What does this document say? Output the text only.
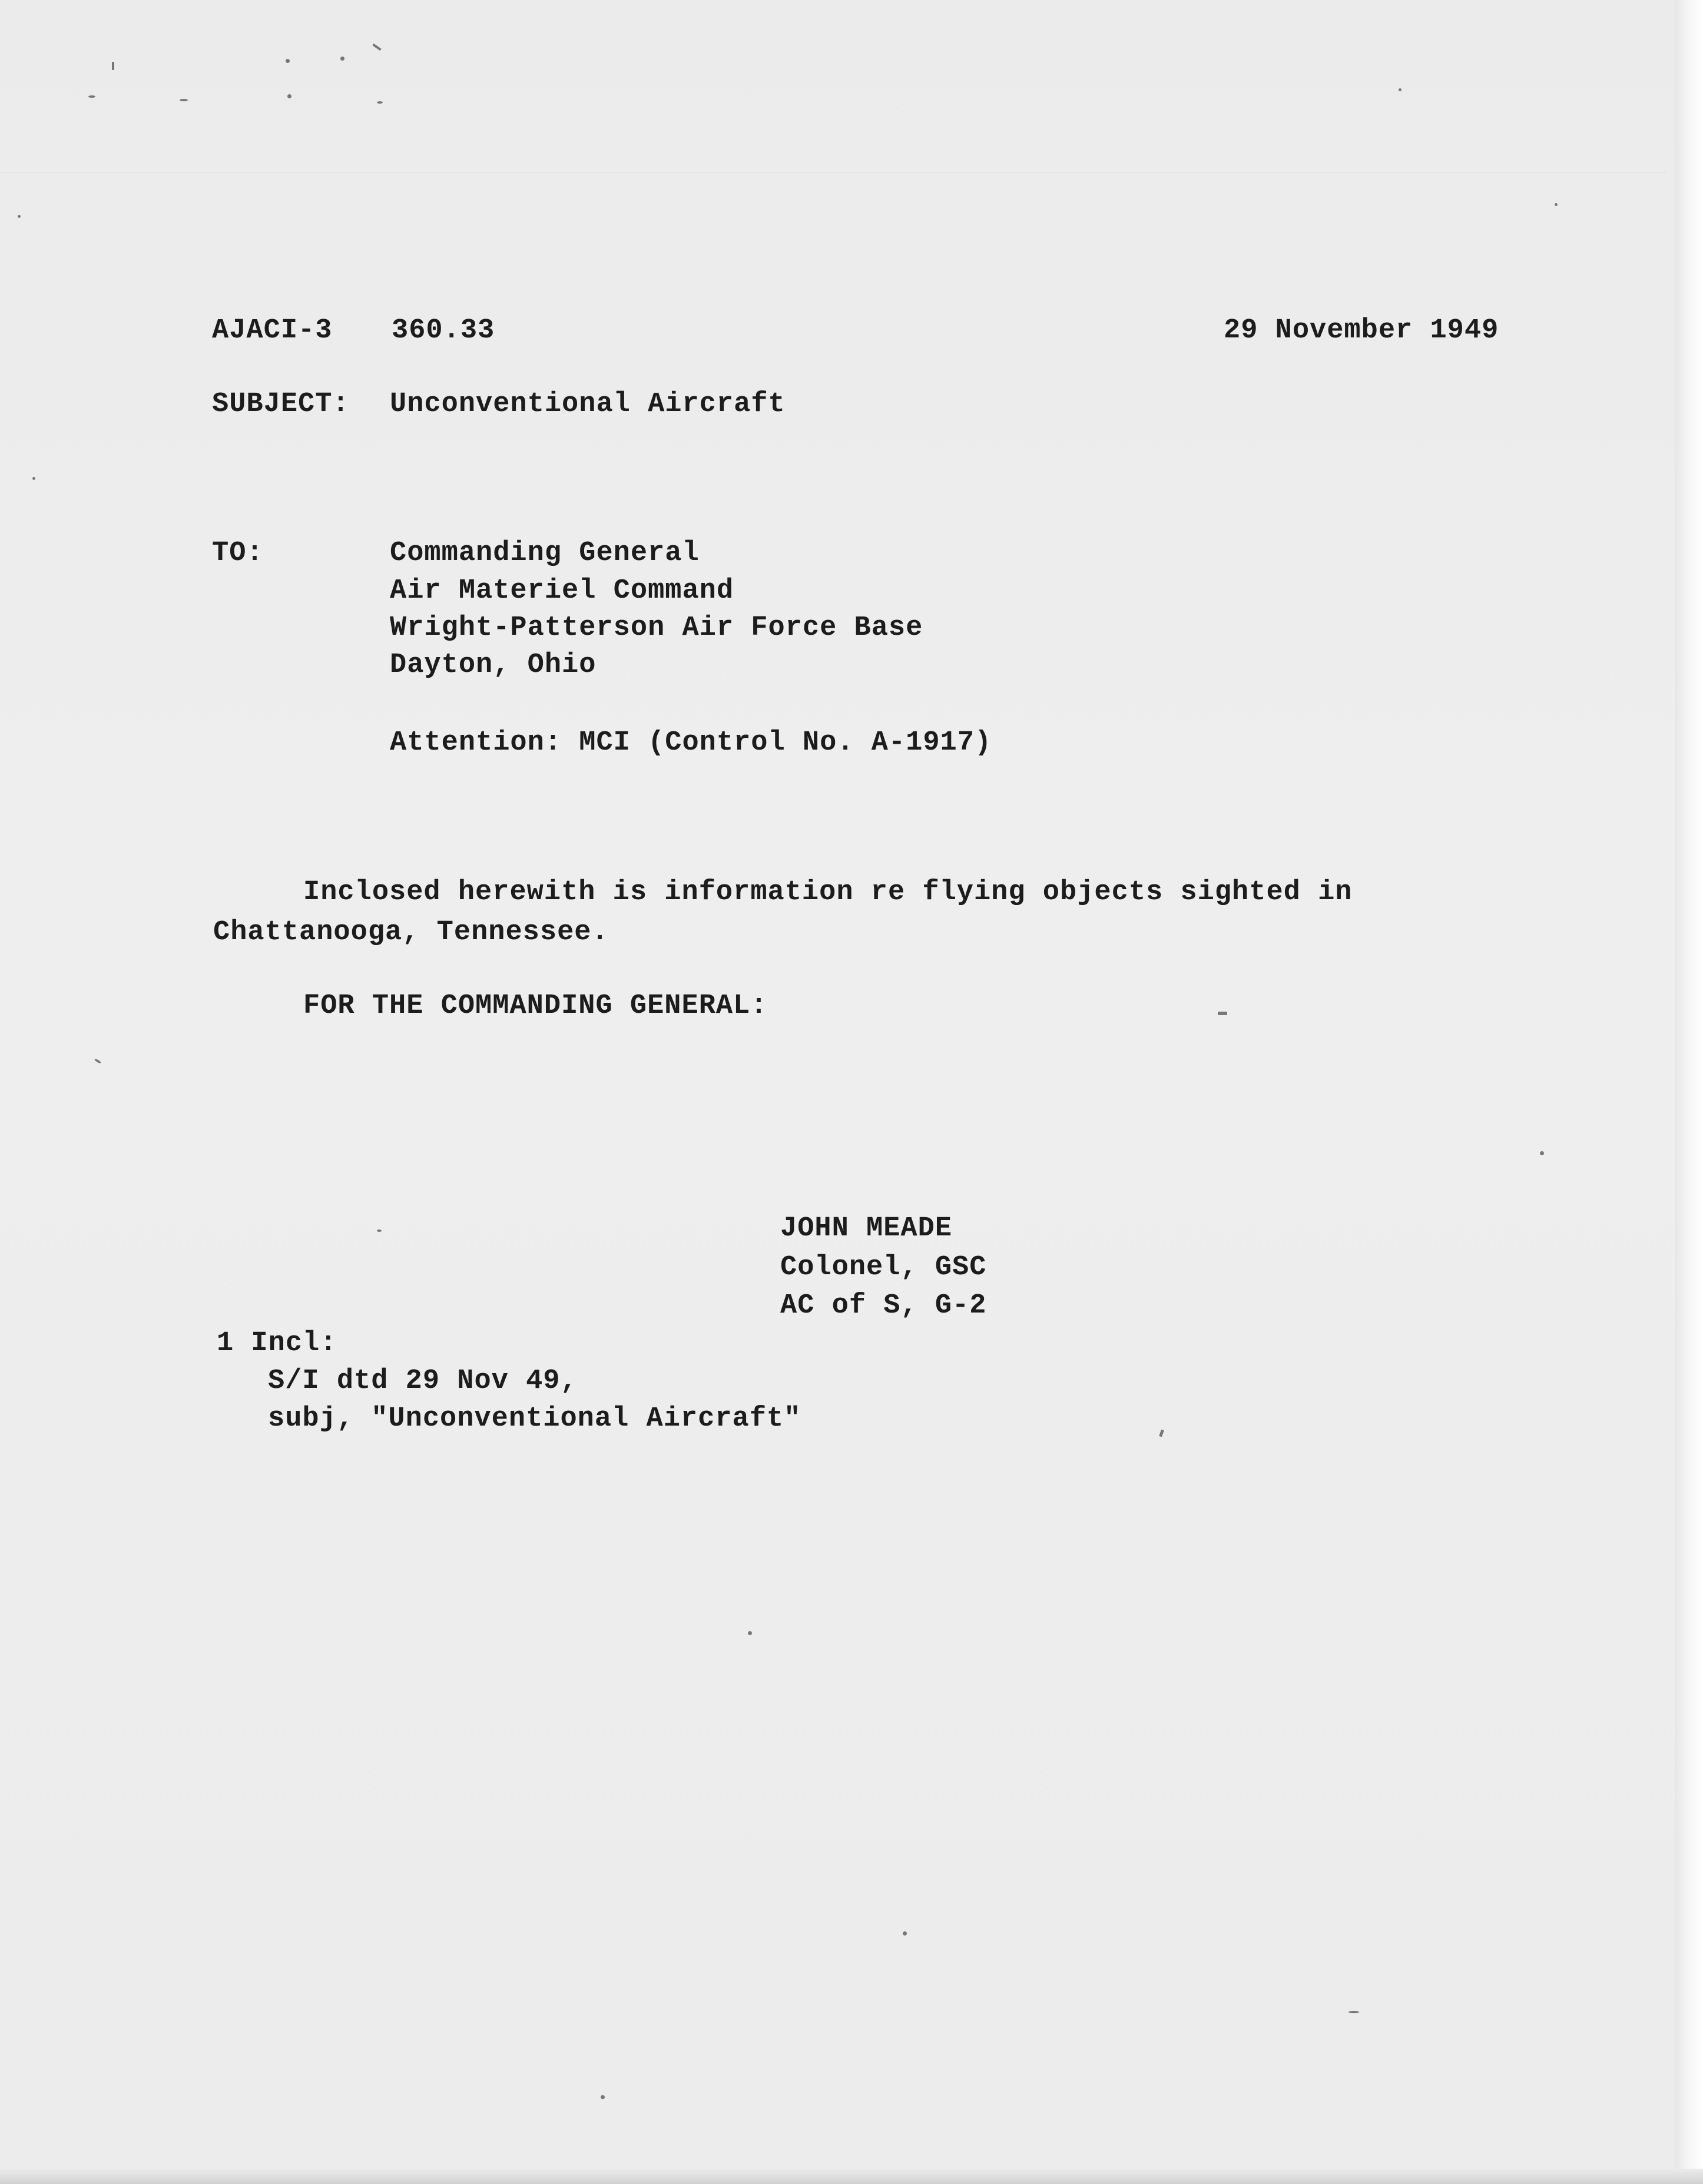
AJACI-3 360.33	29 November 1949
SUBJECT: Unconventional Aircraft
TO:	Commanding General
Air Materiel Command
Wright-Patterson Air Force Base
Dayton, Ohio
Attention: MCI (Control No. A-1917)
Inclosed herewith is information re flying objects sighted in
Chattanooga, Tennessee.
FOR THE COMMANDING GENERAL:
JOHN MEADE
Colonel, GSC
AC of S, G-2
1 Incl:
S/I dtd 29 Nov 49,
subj, "Unconventional Aircraft"
